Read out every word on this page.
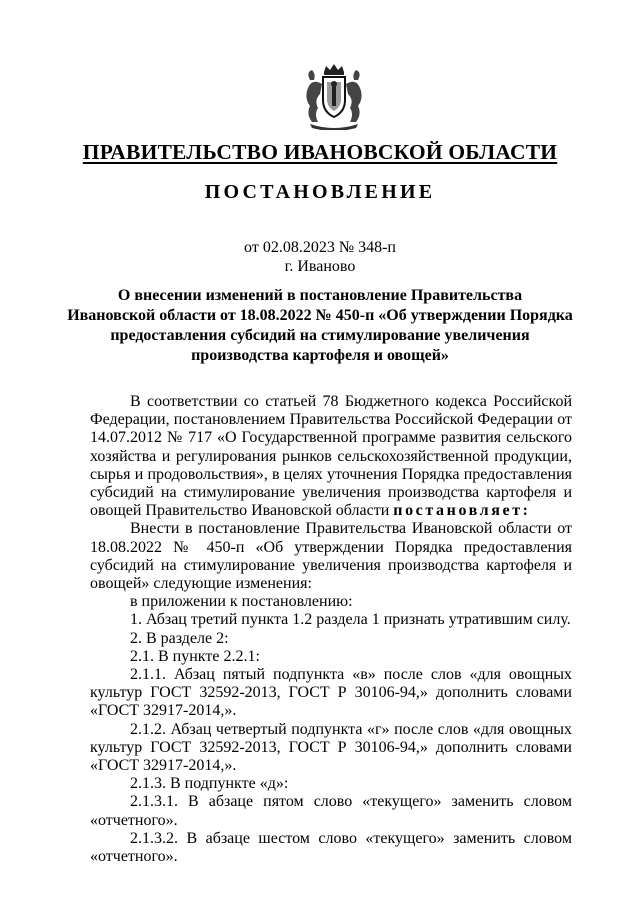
ПРАВИТЕЛЬСТВО ИВАНОВСКОЙ ОБЛАСТИ
ПОСТАНОВЛЕНИЕ
от 02.08.2023 № 348-п
г. Иваново
О внесении изменений в постановление Правительства
Ивановской области от 18.08.2022 № 450-п «Об утверждении Порядка
предоставления субсидий на стимулирование увеличения
производства картофеля и овощей»

В соответствии со статьей 78 Бюджетного кодекса Российской Федерации, постановлением Правительства Российской Федерации от 14.07.2012 № 717 «О Государственной программе развития сельского хозяйства и регулирования рынков сельскохозяйственной продукции, сырья и продовольствия», в целях уточнения Порядка предоставления субсидий на стимулирование увеличения производства картофеля и овощей Правительство Ивановской области постановляет:

Внести в постановление Правительства Ивановской области от 18.08.2022 № 450-п «Об утверждении Порядка предоставления субсидий на стимулирование увеличения производства картофеля и овощей» следующие изменения:

в приложении к постановлению:

1. Абзац третий пункта 1.2 раздела 1 признать утратившим силу.

2. В разделе 2:

2.1. В пункте 2.2.1:

2.1.1. Абзац пятый подпункта «в» после слов «для овощных культур ГОСТ 32592-2013, ГОСТ Р 30106-94,» дополнить словами «ГОСТ 32917-2014,».

2.1.2. Абзац четвертый подпункта «г» после слов «для овощных культур ГОСТ 32592-2013, ГОСТ Р 30106-94,» дополнить словами «ГОСТ 32917-2014,».

2.1.3. В подпункте «д»:

2.1.3.1. В абзаце пятом слово «текущего» заменить словом «отчетного».

2.1.3.2. В абзаце шестом слово «текущего» заменить словом «отчетного».
